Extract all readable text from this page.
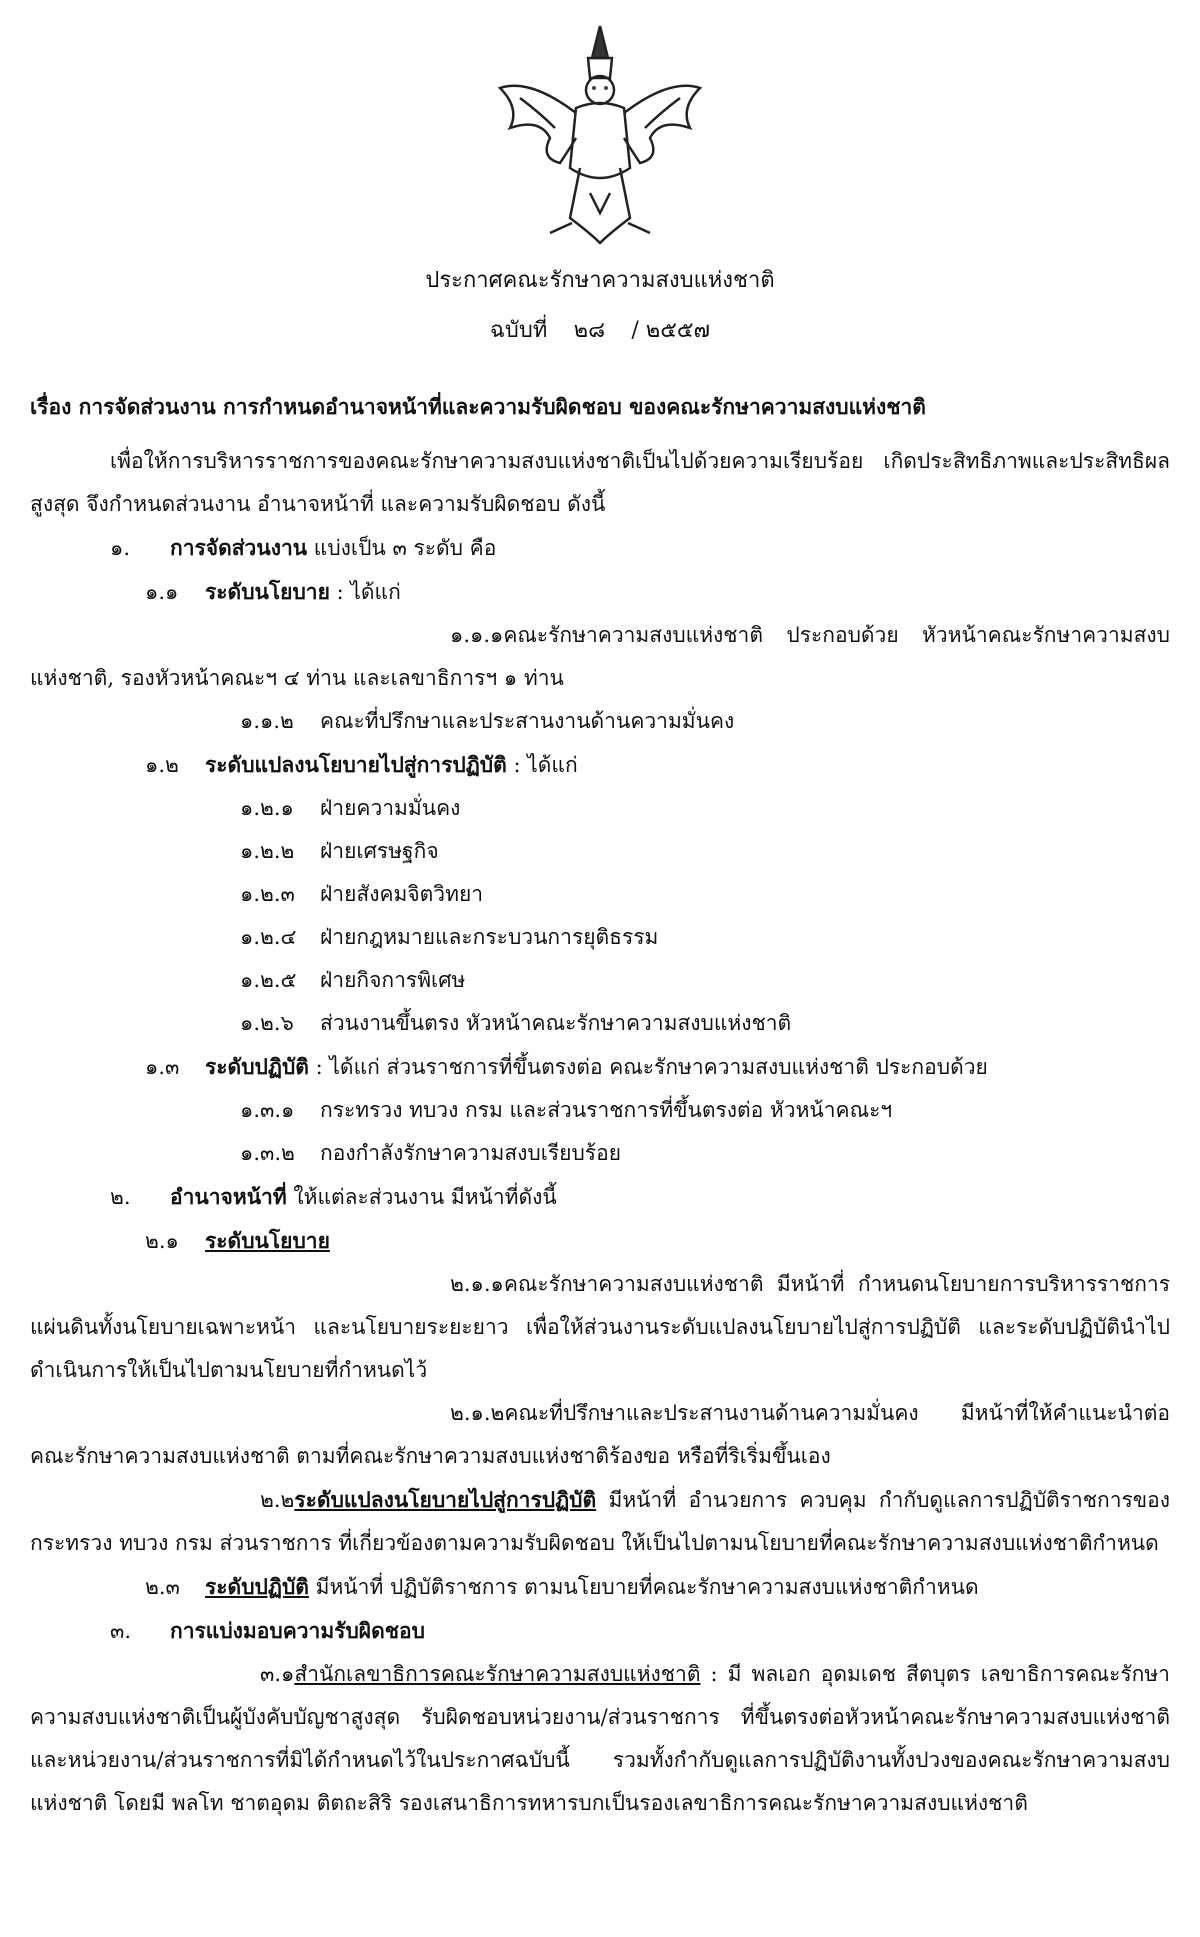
ประกาศคณะรักษาความสงบแห่งชาติ
ฉบับที่ ๒๘ / ๒๕๕๗
เรื่อง การจัดส่วนงาน การกำหนดอำนาจหน้าที่และความรับผิดชอบ ของคณะรักษาความสงบแห่งชาติ

เพื่อให้การบริหารราชการของคณะรักษาความสงบแห่งชาติเป็นไปด้วยความเรียบร้อย เกิดประสิทธิภาพและประสิทธิผลสูงสุด จึงกำหนดส่วนงาน อำนาจหน้าที่ และความรับผิดชอบ ดังนี้

๑. การจัดส่วนงาน แบ่งเป็น ๓ ระดับ คือ

๑.๑ ระดับนโยบาย : ได้แก่

๑.๑.๑คณะรักษาความสงบแห่งชาติ ประกอบด้วย หัวหน้าคณะรักษาความสงบแห่งชาติ, รองหัวหน้าคณะฯ ๔ ท่าน และเลขาธิการฯ ๑ ท่าน

๑.๑.๒ คณะที่ปรึกษาและประสานงานด้านความมั่นคง

๑.๒ ระดับแปลงนโยบายไปสู่การปฏิบัติ : ได้แก่

๑.๒.๑ ฝ่ายความมั่นคง

๑.๒.๒ ฝ่ายเศรษฐกิจ

๑.๒.๓ ฝ่ายสังคมจิตวิทยา

๑.๒.๔ ฝ่ายกฎหมายและกระบวนการยุติธรรม

๑.๒.๕ ฝ่ายกิจการพิเศษ

๑.๒.๖ ส่วนงานขึ้นตรง หัวหน้าคณะรักษาความสงบแห่งชาติ

๑.๓ ระดับปฏิบัติ : ได้แก่ ส่วนราชการที่ขึ้นตรงต่อ คณะรักษาความสงบแห่งชาติ ประกอบด้วย

๑.๓.๑ กระทรวง ทบวง กรม และส่วนราชการที่ขึ้นตรงต่อ หัวหน้าคณะฯ

๑.๓.๒ กองกำลังรักษาความสงบเรียบร้อย

๒. อำนาจหน้าที่ ให้แต่ละส่วนงาน มีหน้าที่ดังนี้

๒.๑ ระดับนโยบาย

๒.๑.๑คณะรักษาความสงบแห่งชาติ มีหน้าที่ กำหนดนโยบายการบริหารราชการแผ่นดินทั้งนโยบายเฉพาะหน้า และนโยบายระยะยาว เพื่อให้ส่วนงานระดับแปลงนโยบายไปสู่การปฏิบัติ และระดับปฏิบัตินำไปดำเนินการให้เป็นไปตามนโยบายที่กำหนดไว้

๒.๑.๒คณะที่ปรึกษาและประสานงานด้านความมั่นคง มีหน้าที่ให้คำแนะนำต่อคณะรักษาความสงบแห่งชาติ ตามที่คณะรักษาความสงบแห่งชาติร้องขอ หรือที่ริเริ่มขึ้นเอง

๒.๒ระดับแปลงนโยบายไปสู่การปฏิบัติ มีหน้าที่ อำนวยการ ควบคุม กำกับดูแลการปฏิบัติราชการของกระทรวง ทบวง กรม ส่วนราชการ ที่เกี่ยวข้องตามความรับผิดชอบ ให้เป็นไปตามนโยบายที่คณะรักษาความสงบแห่งชาติกำหนด

๒.๓ ระดับปฏิบัติ มีหน้าที่ ปฏิบัติราชการ ตามนโยบายที่คณะรักษาความสงบแห่งชาติกำหนด

๓. การแบ่งมอบความรับผิดชอบ

๓.๑สำนักเลขาธิการคณะรักษาความสงบแห่งชาติ : มี พลเอก อุดมเดช สีตบุตร เลขาธิการคณะรักษาความสงบแห่งชาติเป็นผู้บังคับบัญชาสูงสุด รับผิดชอบหน่วยงาน/ส่วนราชการ ที่ขึ้นตรงต่อหัวหน้าคณะรักษาความสงบแห่งชาติ และหน่วยงาน/ส่วนราชการที่มิได้กำหนดไว้ในประกาศฉบับนี้ รวมทั้งกำกับดูแลการปฏิบัติงานทั้งปวงของคณะรักษาความสงบแห่งชาติ โดยมี พลโท ชาตอุดม ติตถะสิริ รองเสนาธิการทหารบกเป็นรองเลขาธิการคณะรักษาความสงบแห่งชาติ
